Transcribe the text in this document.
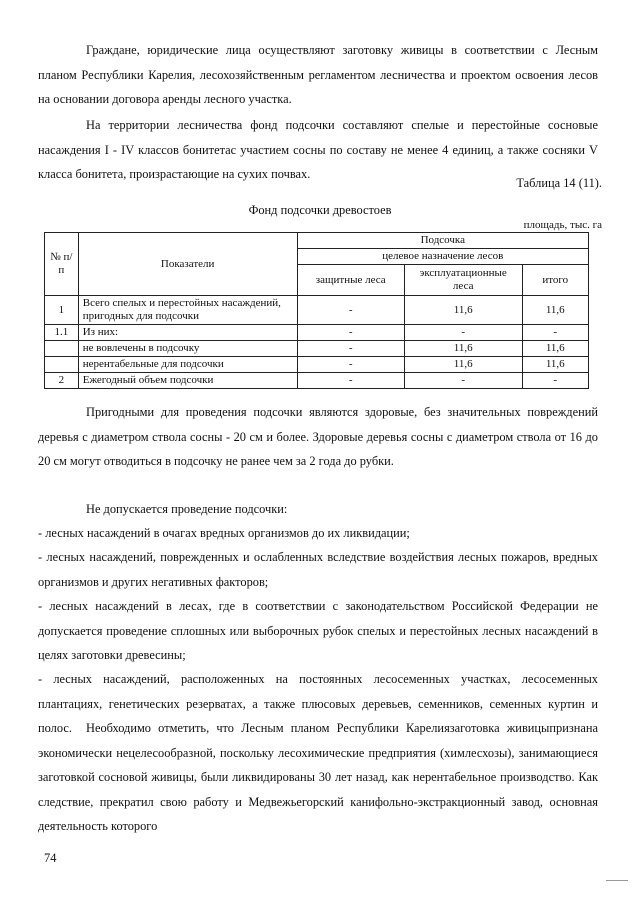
Граждане, юридические лица осуществляют заготовку живицы в соответствии с Лесным планом Республики Карелия, лесохозяйственным регламентом лесничества и проектом освоения лесов на основании договора аренды лесного участка.
На территории лесничества фонд подсочки составляют спелые и перестойные сосновые насаждения I - IV классов бонитетас участием сосны по составу не менее 4 единиц, а также сосняки V класса бонитета, произрастающие на сухих почвах.
Таблица 14 (11).
Фонд подсочки древостоев
площадь, тыс. га
№ п/п	Показатели	Подсочка		
		целевое назначение лесов		
		защитные леса	эксплуатационные леса	итого
1	Всего спелых и перестойных насаждений, пригодных для подсочки	-	11,6	11,6
1.1	Из них:	-	-	-
	не вовлечены в подсочку	-	11,6	11,6
	нерентабельные для подсочки	-	11,6	11,6
2	Ежегодный объем подсочки	-	-	-
Пригодными для проведения подсочки являются здоровые, без значительных повреждений деревья с диаметром ствола сосны - 20 см и более. Здоровые деревья сосны с диаметром ствола от 16 до 20 см могут отводиться в подсочку не ранее чем за 2 года до рубки.
Не допускается проведение подсочки:
- лесных насаждений в очагах вредных организмов до их ликвидации;
- лесных насаждений, поврежденных и ослабленных вследствие воздействия лесных пожаров, вредных организмов и других негативных факторов;
- лесных насаждений в лесах, где в соответствии с законодательством Российской Федерации не допускается проведение сплошных или выборочных рубок спелых и перестойных лесных насаждений в целях заготовки древесины;
- лесных насаждений, расположенных на постоянных лесосеменных участках, лесосеменных плантациях, генетических резерватах, а также плюсовых деревьев, семенников, семенных куртин и полос.	Необходимо отметить, что Лесным планом Республики Карелиязаготовка живицыпризнана экономически нецелесообразной, поскольку лесохимические предприятия (химлесхозы), занимающиеся заготовкой сосновой живицы, были ликвидированы 30 лет назад, как нерентабельное производство. Как следствие, прекратил свою работу и Медвежьегорский канифольно-экстракционный завод, основная деятельность которого
74
